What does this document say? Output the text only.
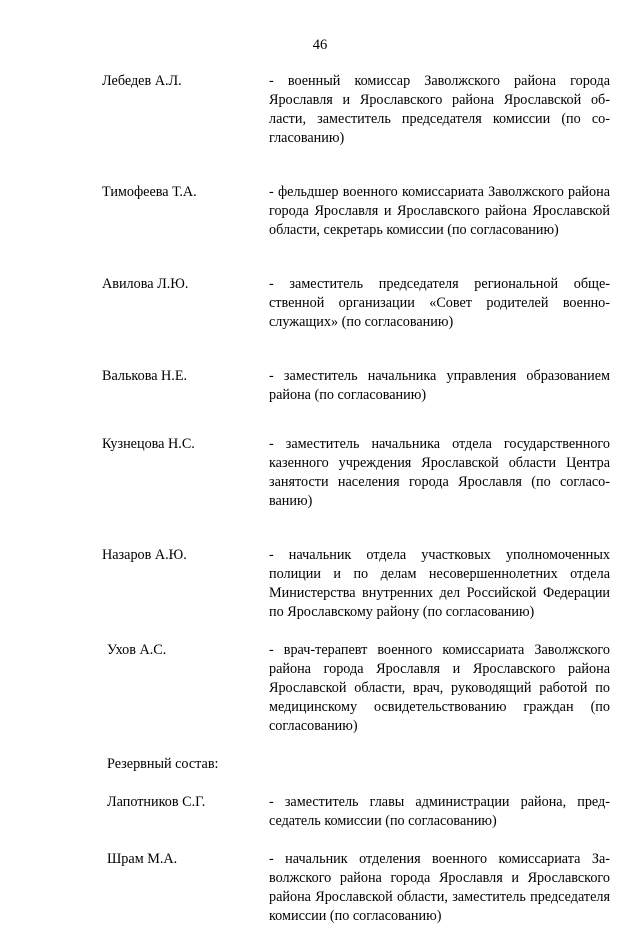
46
Лебедев А.Л.	- военный комиссар Заволжского района города Ярославля и Ярославского района Ярославской области, заместитель председателя комиссии (по согласованию)
Тимофеева Т.А.	- фельдшер военного комиссариата Заволжского района города Ярославля и Ярославского района Ярославской области, секретарь комиссии (по согласованию)
Авилова Л.Ю.	- заместитель председателя региональной общественной организации «Совет родителей военнослужащих» (по согласованию)
Валькова Н.Е.	- заместитель начальника управления образованием района (по согласованию)
Кузнецова Н.С.	- заместитель начальника отдела государственного казенного учреждения Ярославской области Центра занятости населения города Ярославля (по согласованию)
Назаров А.Ю.	- начальник отдела участковых уполномоченных полиции и по делам несовершеннолетних отдела Министерства внутренних дел Российской Федерации по Ярославскому району (по согласованию)
Ухов А.С.	- врач-терапевт военного комиссариата Заволжского района города Ярославля и Ярославского района Ярославской области, врач, руководящий работой по медицинскому освидетельствованию граждан (по согласованию)
Резервный состав:
Лапотников С.Г.	- заместитель главы администрации района, председатель комиссии (по согласованию)
Шрам М.А.	- начальник отделения военного комиссариата Заволжского района города Ярославля и Ярославского района Ярославской области, заместитель председателя комиссии (по согласованию)
